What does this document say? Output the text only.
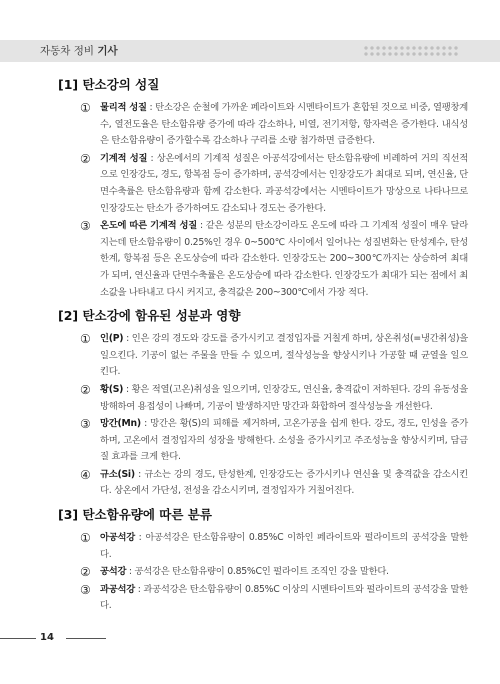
자동차 정비 기사
[1] 탄소강의 성질
① 물리적 성질 : 탄소강은 순철에 가까운 페라이트와 시멘타이트가 혼합된 것으로 비중, 열팽창계수, 열전도율은 탄소함유량 증가에 따라 감소하나, 비열, 전기저항, 항자력은 증가한다. 내식성은 탄소함유량이 증가할수록 감소하나 구리를 소량 첨가하면 급증한다.
② 기계적 성질 : 상온에서의 기계적 성질은 아공석강에서는 탄소함유량에 비례하여 거의 직선적으로 인장강도, 경도, 항복점 등이 증가하며, 공석강에서는 인장강도가 최대로 되며, 연신율, 단면수축률은 탄소함유량과 함께 감소한다. 과공석강에서는 시멘타이트가 망상으로 나타나므로 인장강도는 탄소가 증가하여도 감소되나 경도는 증가한다.
③ 온도에 따른 기계적 성질 : 같은 성분의 탄소강이라도 온도에 따라 그 기계적 성질이 매우 달라지는데 탄소함유량이 0.25%인 경우 0~500℃ 사이에서 일어나는 성질변화는 탄성계수, 탄성한계, 항복점 등은 온도상승에 따라 감소한다. 인장강도는 200~300℃까지는 상승하여 최대가 되며, 연신율과 단면수축률은 온도상승에 따라 감소한다. 인장강도가 최대가 되는 점에서 최소값을 나타내고 다시 커지고, 충격값은 200~300℃에서 가장 적다.
[2] 탄소강에 함유된 성분과 영향
① 인(P) : 인은 강의 경도와 강도를 증가시키고 결정입자를 거칠게 하며, 상온취성(=냉간취성)을 일으킨다. 기공이 없는 주물을 만들 수 있으며, 절삭성능을 향상시키나 가공할 때 균열을 일으킨다.
② 황(S) : 황은 적열(고온)취성을 일으키며, 인장강도, 연신율, 충격값이 저하된다. 강의 유동성을 방해하여 용접성이 나빠며, 기공이 발생하지만 망간과 화합하여 절삭성능을 개선한다.
③ 망간(Mn) : 망간은 황(S)의 피해를 제거하며, 고온가공을 쉽게 한다. 강도, 경도, 인성을 증가하며, 고온에서 결정입자의 성장을 방해한다. 소성을 증가시키고 주조성능을 향상시키며, 담금질 효과를 크게 한다.
④ 규소(Si) : 규소는 강의 경도, 탄성한계, 인장강도는 증가시키나 연신율 및 충격값을 감소시킨다. 상온에서 가단성, 전성을 감소시키며, 결정입자가 거칠어진다.
[3] 탄소함유량에 따른 분류
① 아공석강 : 아공석강은 탄소함유량이 0.85%C 이하인 페라이트와 펄라이트의 공석강을 말한다.
② 공석강 : 공석강은 탄소함유량이 0.85%C인 펄라이트 조직인 강을 말한다.
③ 과공석강 : 과공석강은 탄소함유량이 0.85%C 이상의 시멘타이트와 펄라이트의 공석강을 말한다.
14
